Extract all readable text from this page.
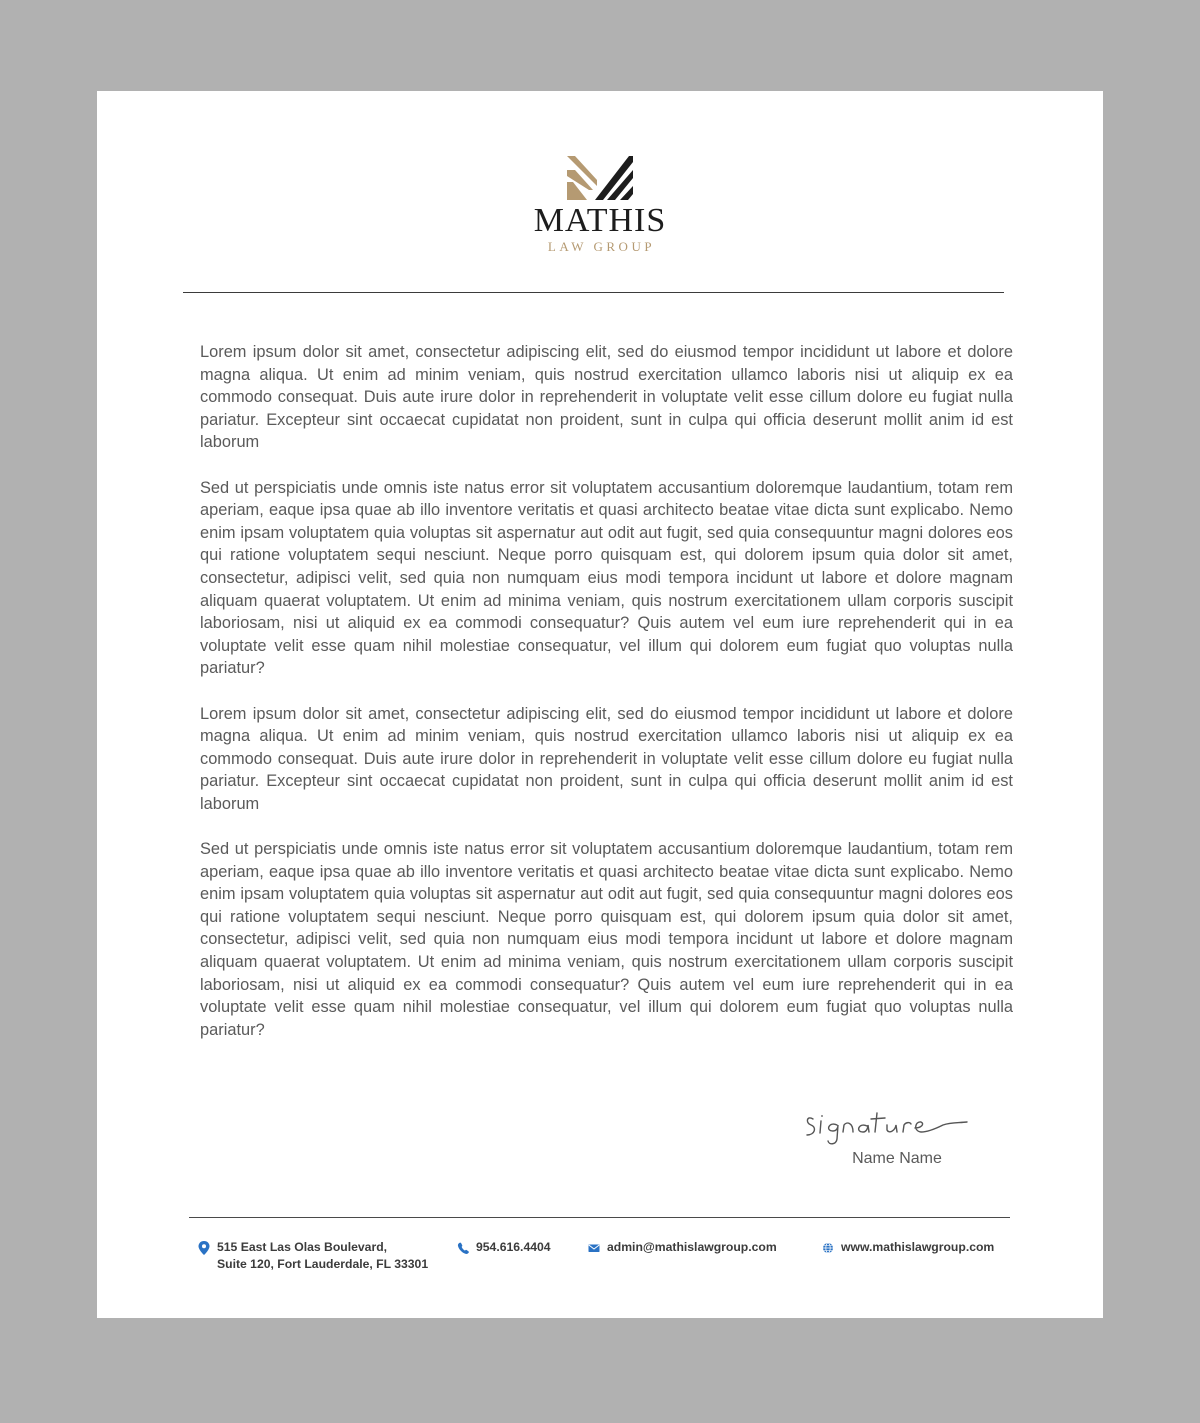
MATHIS
LAW GROUP

Lorem ipsum dolor sit amet, consectetur adipiscing elit, sed do eiusmod tempor incididunt ut labore et dolore magna aliqua. Ut enim ad minim veniam, quis nostrud exercitation ullamco laboris nisi ut aliquip ex ea commodo consequat. Duis aute irure dolor in reprehenderit in voluptate velit esse cillum dolore eu fugiat nulla pariatur. Excepteur sint occaecat cupidatat non proident, sunt in culpa qui officia deserunt mollit anim id est laborum

Sed ut perspiciatis unde omnis iste natus error sit voluptatem accusantium doloremque laudantium, totam rem aperiam, eaque ipsa quae ab illo inventore veritatis et quasi architecto beatae vitae dicta sunt explicabo. Nemo enim ipsam voluptatem quia voluptas sit aspernatur aut odit aut fugit, sed quia consequuntur magni dolores eos qui ratione voluptatem sequi nesciunt. Neque porro quisquam est, qui dolorem ipsum quia dolor sit amet, consectetur, adipisci velit, sed quia non numquam eius modi tempora incidunt ut labore et dolore magnam aliquam quaerat voluptatem. Ut enim ad minima veniam, quis nostrum exercitationem ullam corporis suscipit laboriosam, nisi ut aliquid ex ea commodi consequatur? Quis autem vel eum iure reprehenderit qui in ea voluptate velit esse quam nihil molestiae consequatur, vel illum qui dolorem eum fugiat quo voluptas nulla pariatur?

Lorem ipsum dolor sit amet, consectetur adipiscing elit, sed do eiusmod tempor incididunt ut labore et dolore magna aliqua. Ut enim ad minim veniam, quis nostrud exercitation ullamco laboris nisi ut aliquip ex ea commodo consequat. Duis aute irure dolor in reprehenderit in voluptate velit esse cillum dolore eu fugiat nulla pariatur. Excepteur sint occaecat cupidatat non proident, sunt in culpa qui officia deserunt mollit anim id est laborum

Sed ut perspiciatis unde omnis iste natus error sit voluptatem accusantium doloremque laudantium, totam rem aperiam, eaque ipsa quae ab illo inventore veritatis et quasi architecto beatae vitae dicta sunt explicabo. Nemo enim ipsam voluptatem quia voluptas sit aspernatur aut odit aut fugit, sed quia consequuntur magni dolores eos qui ratione voluptatem sequi nesciunt. Neque porro quisquam est, qui dolorem ipsum quia dolor sit amet, consectetur, adipisci velit, sed quia non numquam eius modi tempora incidunt ut labore et dolore magnam aliquam quaerat voluptatem. Ut enim ad minima veniam, quis nostrum exercitationem ullam corporis suscipit laboriosam, nisi ut aliquid ex ea commodi consequatur? Quis autem vel eum iure reprehenderit qui in ea voluptate velit esse quam nihil molestiae consequatur, vel illum qui dolorem eum fugiat quo voluptas nulla pariatur?

Name Name
515 East Las Olas Boulevard,
Suite 120, Fort Lauderdale, FL 33301
954.616.4404	admin@mathislawgroup.com	www.mathislawgroup.com
